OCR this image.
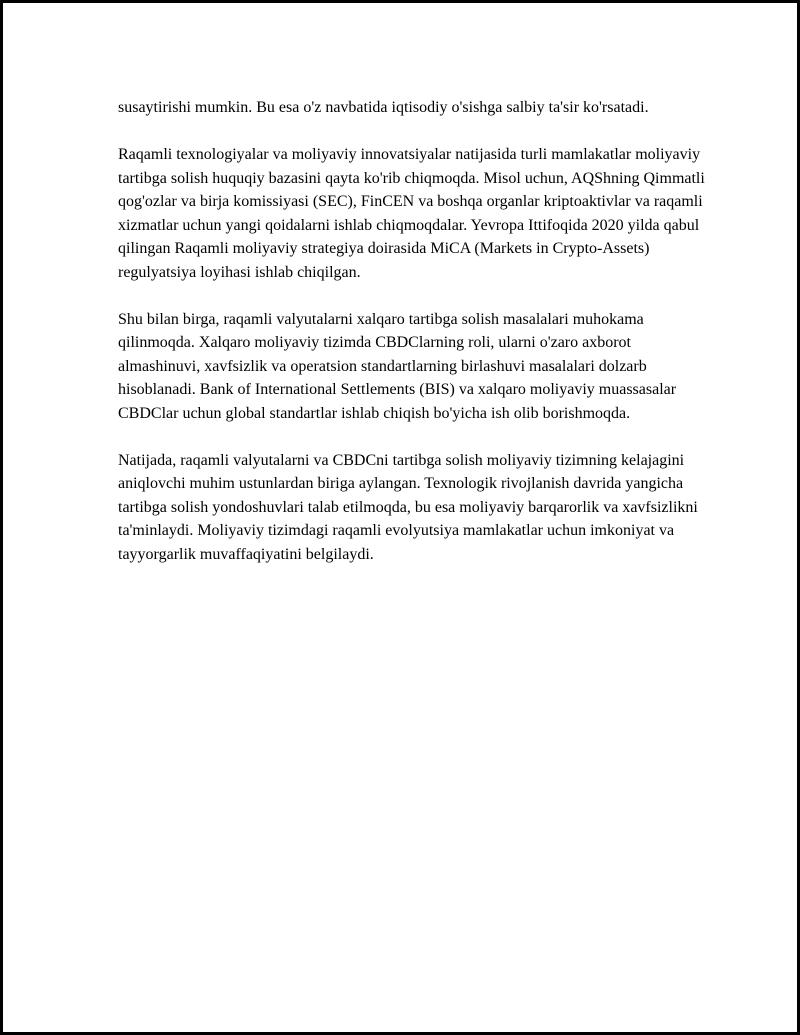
susaytirishi mumkin. Bu esa o'z navbatida iqtisodiy o'sishga salbiy ta'sir ko'rsatadi.

Raqamli texnologiyalar va moliyaviy innovatsiyalar natijasida turli mamlakatlar moliyaviy tartibga solish huquqiy bazasini qayta ko'rib chiqmoqda. Misol uchun, AQShning Qimmatli qog'ozlar va birja komissiyasi (SEC), FinCEN va boshqa organlar kriptoaktivlar va raqamli xizmatlar uchun yangi qoidalarni ishlab chiqmoqdalar. Yevropa Ittifoqida 2020 yilda qabul qilingan Raqamli moliyaviy strategiya doirasida MiCA (Markets in Crypto-Assets) regulyatsiya loyihasi ishlab chiqilgan.

Shu bilan birga, raqamli valyutalarni xalqaro tartibga solish masalalari muhokama qilinmoqda. Xalqaro moliyaviy tizimda CBDClarning roli, ularni o'zaro axborot almashinuvi, xavfsizlik va operatsion standartlarning birlashuvi masalalari dolzarb hisoblanadi. Bank of International Settlements (BIS) va xalqaro moliyaviy muassasalar CBDClar uchun global standartlar ishlab chiqish bo'yicha ish olib borishmoqda.

Natijada, raqamli valyutalarni va CBDCni tartibga solish moliyaviy tizimning kelajagini aniqlovchi muhim ustunlardan biriga aylangan. Texnologik rivojlanish davrida yangicha tartibga solish yondoshuvlari talab etilmoqda, bu esa moliyaviy barqarorlik va xavfsizlikni ta'minlaydi. Moliyaviy tizimdagi raqamli evolyutsiya mamlakatlar uchun imkoniyat va tayyorgarlik muvaffaqiyatini belgilaydi.
